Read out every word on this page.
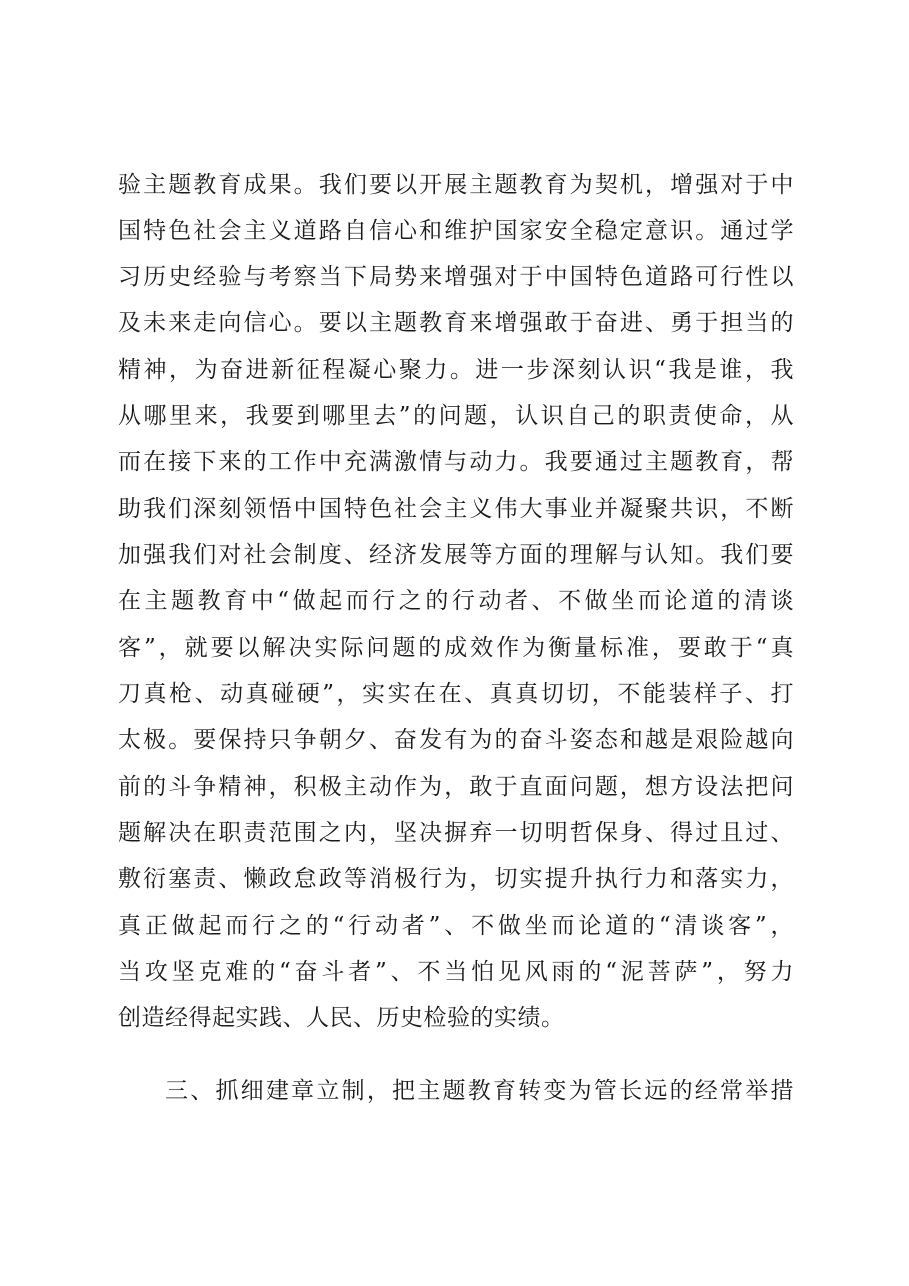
验主题教育成果。我们要以开展主题教育为契机，增强对于中
国特色社会主义道路自信心和维护国家安全稳定意识。通过学
习历史经验与考察当下局势来增强对于中国特色道路可行性以
及未来走向信心。要以主题教育来增强敢于奋进、勇于担当的
精神，为奋进新征程凝心聚力。进一步深刻认识“我是谁，我
从哪里来，我要到哪里去”的问题，认识自己的职责使命，从
而在接下来的工作中充满激情与动力。我要通过主题教育，帮
助我们深刻领悟中国特色社会主义伟大事业并凝聚共识，不断
加强我们对社会制度、经济发展等方面的理解与认知。我们要
在主题教育中“做起而行之的行动者、不做坐而论道的清谈
客”，就要以解决实际问题的成效作为衡量标准，要敢于“真
刀真枪、动真碰硬”，实实在在、真真切切，不能装样子、打
太极。要保持只争朝夕、奋发有为的奋斗姿态和越是艰险越向
前的斗争精神，积极主动作为，敢于直面问题，想方设法把问
题解决在职责范围之内，坚决摒弃一切明哲保身、得过且过、
敷衍塞责、懒政怠政等消极行为，切实提升执行力和落实力，
真正做起而行之的“行动者”、不做坐而论道的“清谈客”，
当攻坚克难的“奋斗者”、不当怕见风雨的“泥菩萨”，努力
创造经得起实践、人民、历史检验的实绩。
三、抓细建章立制，把主题教育转变为管长远的经常举措
